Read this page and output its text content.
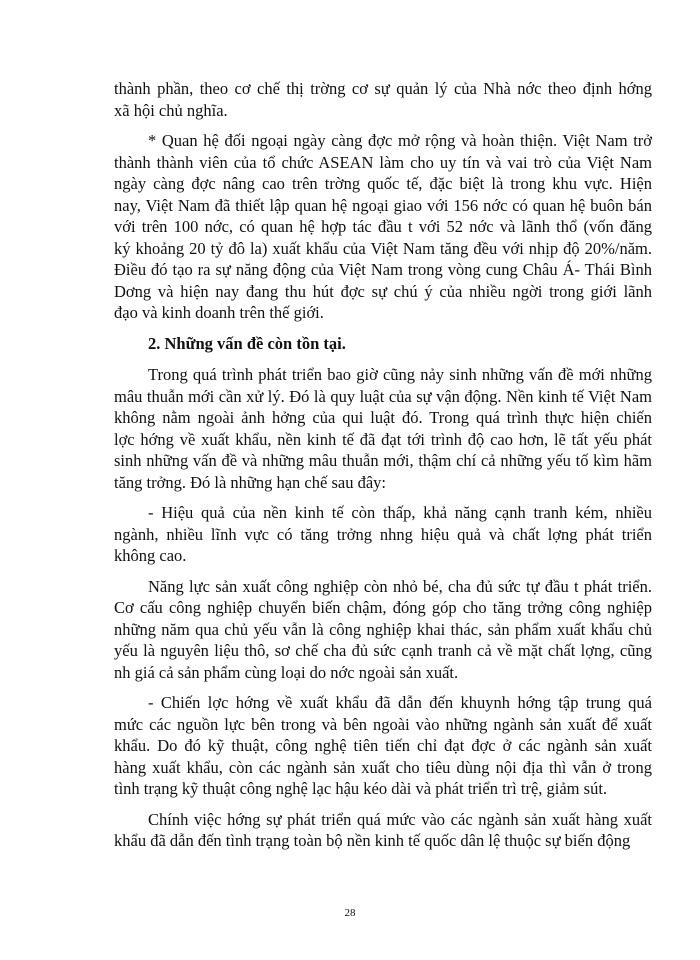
thành phần, theo cơ chế thị trờng cơ sự quản lý của Nhà nớc theo định hớng
xã hội chủ nghĩa.
* Quan hệ đối ngoại ngày càng đợc mở rộng và hoàn thiện. Việt Nam trở
thành thành viên của tổ chức ASEAN làm cho uy tín và vai trò của Việt Nam
ngày càng đợc nâng cao trên trờng quốc tế, đặc biệt là trong khu vực. Hiện
nay, Việt Nam đã thiết lập quan hệ ngoại giao với 156 nớc có quan hệ buôn bán
với trên 100 nớc, có quan hệ hợp tác đầu t với 52 nớc và lãnh thổ (vốn đăng
ký khoảng 20 tỷ đô la) xuất khẩu của Việt Nam tăng đều với nhịp độ 20%/năm.
Điều đó tạo ra sự năng động của Việt Nam trong vòng cung Châu Á- Thái Bình
Dơng và hiện nay đang thu hút đợc sự chú ý của nhiều ngời trong giới lãnh
đạo và kinh doanh trên thế giới.
2. Những vấn đề còn tồn tại.
Trong quá trình phát triển bao giờ cũng nảy sinh những vấn đề mới những
mâu thuẫn mới cần xử lý. Đó là quy luật của sự vận động. Nền kinh tế Việt Nam
không nằm ngoài ảnh hởng của qui luật đó. Trong quá trình thực hiện chiến
lợc hớng về xuất khẩu, nền kinh tế đã đạt tới trình độ cao hơn, lẽ tất yếu phát
sinh những vấn đề và những mâu thuẫn mới, thậm chí cả những yếu tố kìm hãm
tăng trởng. Đó là những hạn chế sau đây:
- Hiệu quả của nền kinh tế còn thấp, khả năng cạnh tranh kém, nhiều
ngành, nhiều lĩnh vực có tăng trởng nhng hiệu quả và chất lợng phát triển
không cao.
Năng lực sản xuất công nghiệp còn nhỏ bé, cha đủ sức tự đầu t phát triển.
Cơ cấu công nghiệp chuyển biến chậm, đóng góp cho tăng trởng công nghiệp
những năm qua chủ yếu vẫn là công nghiệp khai thác, sản phẩm xuất khẩu chủ
yếu là nguyên liệu thô, sơ chế cha đủ sức cạnh tranh cả về mặt chất lợng, cũng
nh giá cả sản phẩm cùng loại do nớc ngoài sản xuất.
- Chiến lợc hớng về xuất khẩu đã dẫn đến khuynh hớng tập trung quá
mức các nguồn lực bên trong và bên ngoài vào những ngành sản xuất để xuất
khẩu. Do đó kỹ thuật, công nghệ tiên tiến chỉ đạt đợc ở các ngành sản xuất
hàng xuất khẩu, còn các ngành sản xuất cho tiêu dùng nội địa thì vẫn ở trong
tình trạng kỹ thuật công nghệ lạc hậu kéo dài và phát triển trì trệ, giảm sút.
Chính việc hớng sự phát triển quá mức vào các ngành sản xuất hàng xuất
khẩu đã dẫn đến tình trạng toàn bộ nền kinh tế quốc dân lệ thuộc sự biến động
28
